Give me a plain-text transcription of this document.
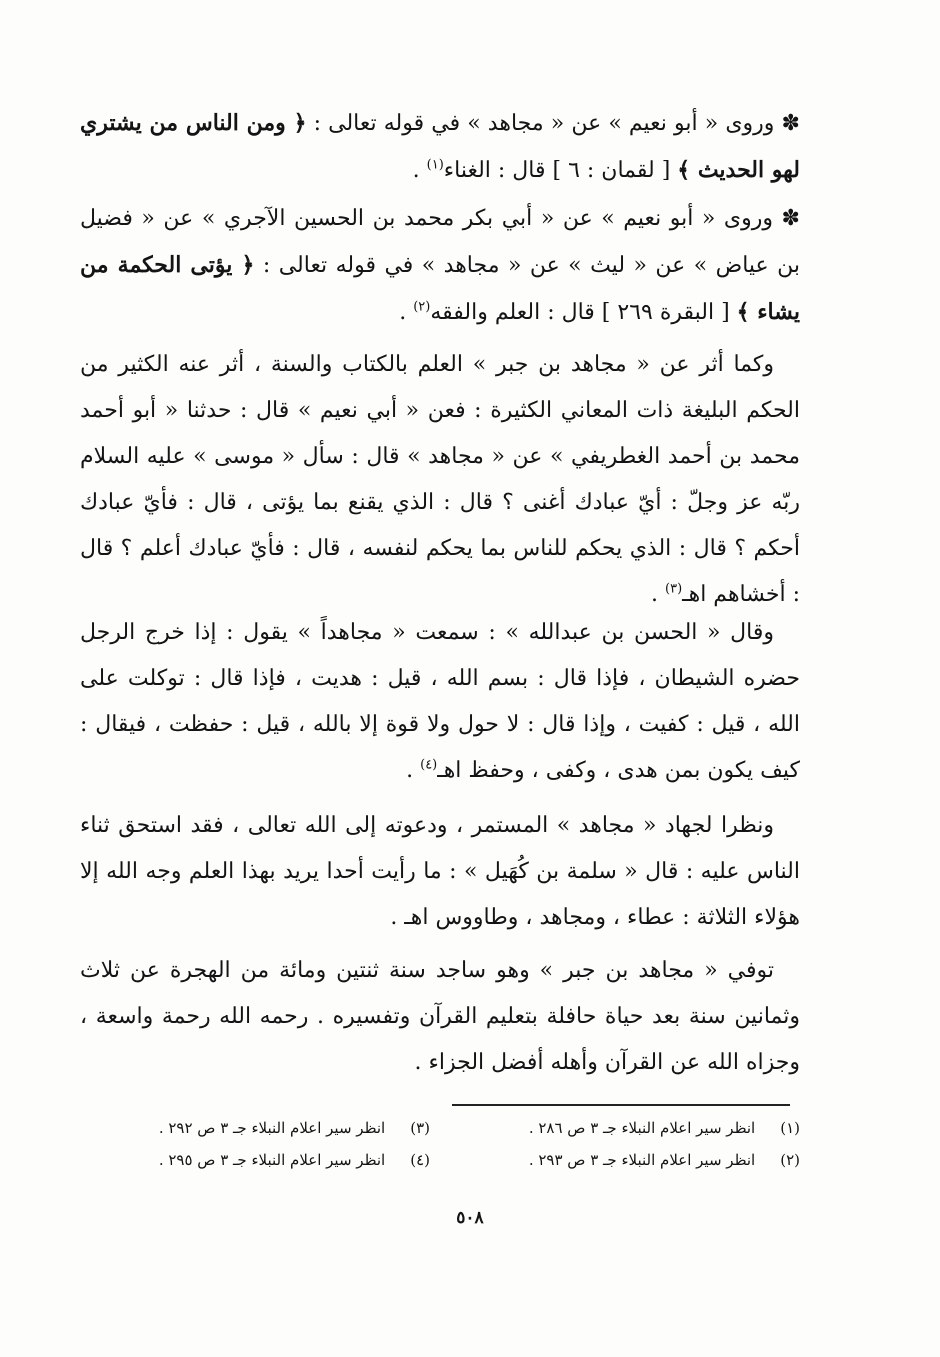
✽ وروى « أبو نعيم » عن « مجاهد » في قوله تعالى : ﴿ ومن الناس من يشتري لهو الحديث ﴾ [ لقمان : ٦ ] قال : الغناء$^{(١)}$ .

✽ وروى « أبو نعيم » عن « أبي بكر محمد بن الحسين الآجري » عن « فضيل بن عياض » عن « ليث » عن « مجاهد » في قوله تعالى : ﴿ يؤتى الحكمة من يشاء ﴾ [ البقرة ٢٦٩ ] قال : العلم والفقه$^{(٢)}$ .

وكما أثر عن « مجاهد بن جبر » العلم بالكتاب والسنة ، أثر عنه الكثير من الحكم البليغة ذات المعاني الكثيرة : فعن « أبي نعيم » قال : حدثنا « أبو أحمد محمد بن أحمد الغطريفي » عن « مجاهد » قال : سأل « موسى » عليه السلام ربّه عز وجلّ : أيّ عبادك أغنى ؟ قال : الذي يقنع بما يؤتى ، قال : فأيّ عبادك أحكم ؟ قال : الذي يحكم للناس بما يحكم لنفسه ، قال : فأيّ عبادك أعلم ؟ قال : أخشاهم اهـ$^{(٣)}$ .

وقال « الحسن بن عبدالله » : سمعت « مجاهداً » يقول : إذا خرج الرجل حضره الشيطان ، فإذا قال : بسم الله ، قيل : هديت ، فإذا قال : توكلت على الله ، قيل : كفيت ، وإذا قال : لا حول ولا قوة إلا بالله ، قيل : حفظت ، فيقال : كيف يكون بمن هدى ، وكفى ، وحفظ اهـ$^{(٤)}$ .

ونظرا لجهاد « مجاهد » المستمر ، ودعوته إلى الله تعالى ، فقد استحق ثناء الناس عليه : قال « سلمة بن كُهَيل » : ما رأيت أحدا يريد بهذا العلم وجه الله إلا هؤلاء الثلاثة : عطاء ، ومجاهد ، وطاووس اهـ .

توفي « مجاهد بن جبر » وهو ساجد سنة ثنتين ومائة من الهجرة عن ثلاث وثمانين سنة بعد حياة حافلة بتعليم القرآن وتفسيره . رحمه الله رحمة واسعة ، وجزاه الله عن القرآن وأهله أفضل الجزاء .

(١) انظر سير اعلام النبلاء جـ ٣ ص ٢٨٦ .
(٢) انظر سير اعلام النبلاء جـ ٣ ص ٢٩٣ .
(٣) انظر سير اعلام النبلاء جـ ٣ ص ٢٩٢ .
(٤) انظر سير اعلام النبلاء جـ ٣ ص ٢٩٥ .
٥٠٨
